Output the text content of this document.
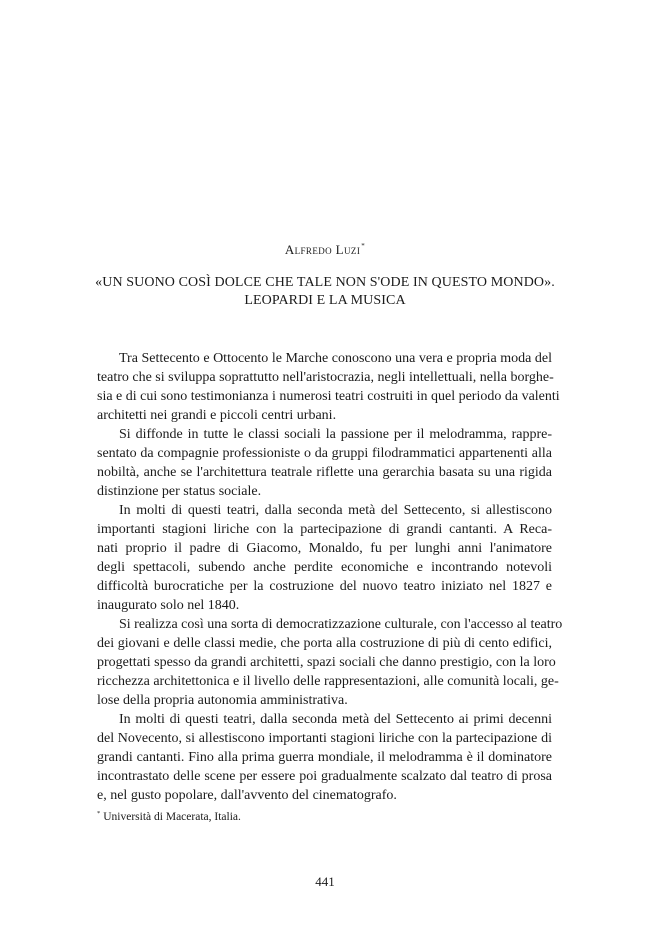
Alfredo Luzi*
«UN SUONO COSÌ DOLCE CHE TALE NON S'ODE IN QUESTO MONDO».
LEOPARDI E LA MUSICA
Tra Settecento e Ottocento le Marche conoscono una vera e propria moda del
teatro che si sviluppa soprattutto nell'aristocrazia, negli intellettuali, nella borghe-
sia e di cui sono testimonianza i numerosi teatri costruiti in quel periodo da valenti
architetti nei grandi e piccoli centri urbani.
Si diffonde in tutte le classi sociali la passione per il melodramma, rappre-
sentato da compagnie professioniste o da gruppi filodrammatici appartenenti alla
nobiltà, anche se l'architettura teatrale riflette una gerarchia basata su una rigida
distinzione per status sociale.
In molti di questi teatri, dalla seconda metà del Settecento, si allestiscono
importanti stagioni liriche con la partecipazione di grandi cantanti. A Reca-
nati proprio il padre di Giacomo, Monaldo, fu per lunghi anni l'animatore
degli spettacoli, subendo anche perdite economiche e incontrando notevoli
difficoltà burocratiche per la costruzione del nuovo teatro iniziato nel 1827 e
inaugurato solo nel 1840.
Si realizza così una sorta di democratizzazione culturale, con l'accesso al teatro
dei giovani e delle classi medie, che porta alla costruzione di più di cento edifici,
progettati spesso da grandi architetti, spazi sociali che danno prestigio, con la loro
ricchezza architettonica e il livello delle rappresentazioni, alle comunità locali, ge-
lose della propria autonomia amministrativa.
In molti di questi teatri, dalla seconda metà del Settecento ai primi decenni
del Novecento, si allestiscono importanti stagioni liriche con la partecipazione di
grandi cantanti. Fino alla prima guerra mondiale, il melodramma è il dominatore
incontrastato delle scene per essere poi gradualmente scalzato dal teatro di prosa
e, nel gusto popolare, dall'avvento del cinematografo.
* Università di Macerata, Italia.
441
